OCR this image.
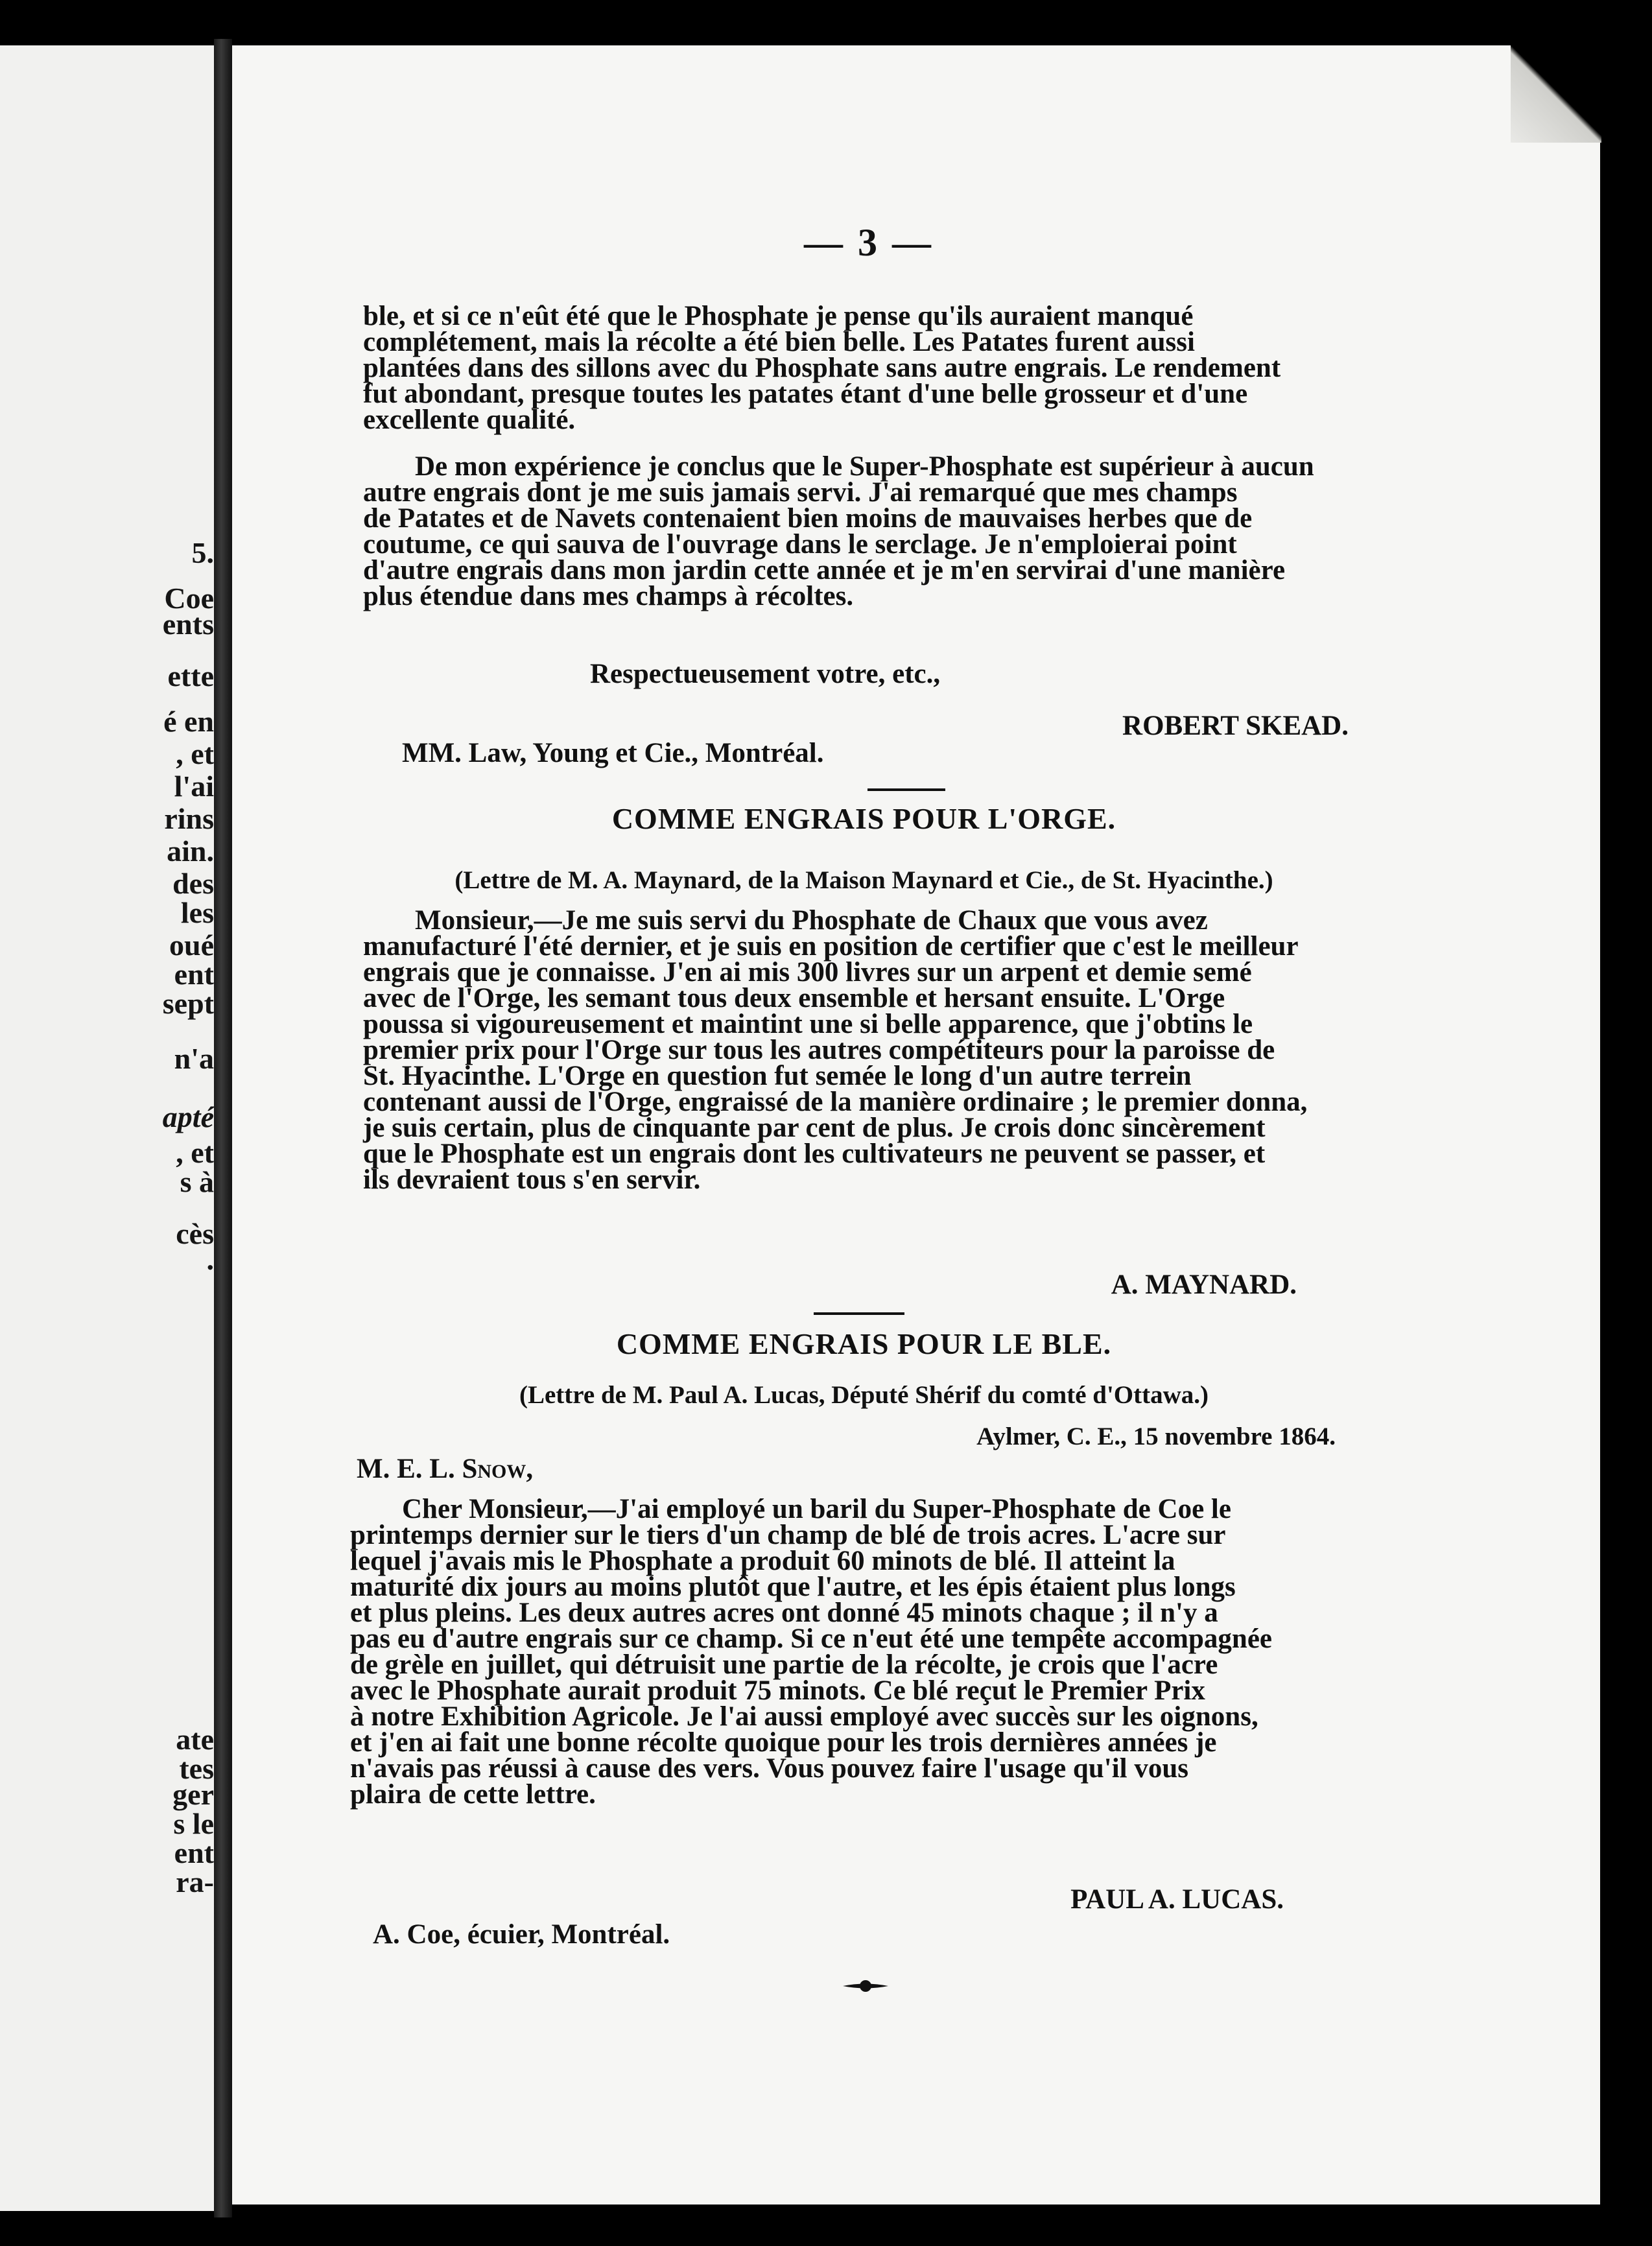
5.
Coe
ents
ette
é en
, et
l'ai
rins
ain.
des
les
oué
ent
sept
n'a
apté
, et
s à
cès
.
ate
tes
ger
s le
ent
ra-
— 3 —

ble, et si ce n'eût été que le Phosphate je pense qu'ils auraient manqué

complétement, mais la récolte a été bien belle. Les Patates furent aussi

plantées dans des sillons avec du Phosphate sans autre engrais. Le rendement

fut abondant, presque toutes les patates étant d'une belle grosseur et d'une

excellente qualité.

De mon expérience je conclus que le Super-Phosphate est supérieur à aucun

autre engrais dont je me suis jamais servi. J'ai remarqué que mes champs

de Patates et de Navets contenaient bien moins de mauvaises herbes que de

coutume, ce qui sauva de l'ouvrage dans le serclage. Je n'emploierai point

d'autre engrais dans mon jardin cette année et je m'en servirai d'une manière

plus étendue dans mes champs à récoltes.

Respectueusement votre, etc.,
ROBERT SKEAD.
MM. Law, Young et Cie., Montréal.
COMME ENGRAIS POUR L'ORGE.
(Lettre de M. A. Maynard, de la Maison Maynard et Cie., de St. Hyacinthe.)

Monsieur,—Je me suis servi du Phosphate de Chaux que vous avez

manufacturé l'été dernier, et je suis en position de certifier que c'est le meilleur

engrais que je connaisse. J'en ai mis 300 livres sur un arpent et demie semé

avec de l'Orge, les semant tous deux ensemble et hersant ensuite. L'Orge

poussa si vigoureusement et maintint une si belle apparence, que j'obtins le

premier prix pour l'Orge sur tous les autres compétiteurs pour la paroisse de

St. Hyacinthe. L'Orge en question fut semée le long d'un autre terrein

contenant aussi de l'Orge, engraissé de la manière ordinaire ; le premier donna,

je suis certain, plus de cinquante par cent de plus. Je crois donc sincèrement

que le Phosphate est un engrais dont les cultivateurs ne peuvent se passer, et

ils devraient tous s'en servir.

A. MAYNARD.
COMME ENGRAIS POUR LE BLE.
(Lettre de M. Paul A. Lucas, Député Shérif du comté d'Ottawa.)
Aylmer, C. E., 15 novembre 1864.
M. E. L. Snow,

Cher Monsieur,—J'ai employé un baril du Super-Phosphate de Coe le

printemps dernier sur le tiers d'un champ de blé de trois acres. L'acre sur

lequel j'avais mis le Phosphate a produit 60 minots de blé. Il atteint la

maturité dix jours au moins plutôt que l'autre, et les épis étaient plus longs

et plus pleins. Les deux autres acres ont donné 45 minots chaque ; il n'y a

pas eu d'autre engrais sur ce champ. Si ce n'eut été une tempête accompagnée

de grèle en juillet, qui détruisit une partie de la récolte, je crois que l'acre

avec le Phosphate aurait produit 75 minots. Ce blé reçut le Premier Prix

à notre Exhibition Agricole. Je l'ai aussi employé avec succès sur les oignons,

et j'en ai fait une bonne récolte quoique pour les trois dernières années je

n'avais pas réussi à cause des vers. Vous pouvez faire l'usage qu'il vous

plaira de cette lettre.

PAUL A. LUCAS.
A. Coe, écuier, Montréal.
